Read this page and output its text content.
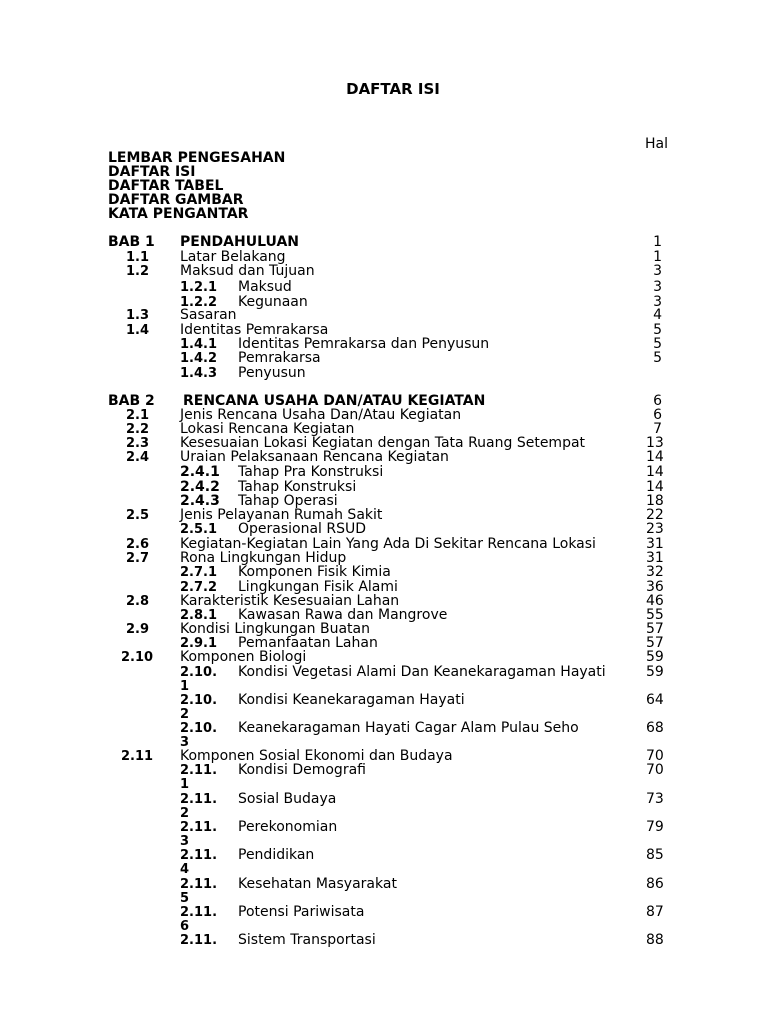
DAFTAR ISI
Hal
LEMBAR PENGESAHAN
DAFTAR ISI
DAFTAR TABEL
DAFTAR GAMBAR
KATA PENGANTAR
BAB 1 PENDAHULUAN	1
1.1 Latar Belakang	1
1.2 Maksud dan Tujuan	3
1.2.1 Maksud	3
1.2.2 Kegunaan	3
1.3 Sasaran	4
1.4 Identitas Pemrakarsa	5
1.4.1 Identitas Pemrakarsa dan Penyusun	5
1.4.2 Pemrakarsa	5
1.4.3 Penyusun
BAB 2 RENCANA USAHA DAN/ATAU KEGIATAN	6
2.1 Jenis Rencana Usaha Dan/Atau Kegiatan	6
2.2 Lokasi Rencana Kegiatan	7
2.3 Kesesuaian Lokasi Kegiatan dengan Tata Ruang Setempat	13
2.4 Uraian Pelaksanaan Rencana Kegiatan	14
2.4.1 Tahap Pra Konstruksi	14
2.4.2 Tahap Konstruksi	14
2.4.3 Tahap Operasi	18
2.5 Jenis Pelayanan Rumah Sakit	22
2.5.1 Operasional RSUD	23
2.6 Kegiatan-Kegiatan Lain Yang Ada Di Sekitar Rencana Lokasi	31
2.7 Rona Lingkungan Hidup	31
2.7.1 Komponen Fisik Kimia	32
2.7.2 Lingkungan Fisik Alami	36
2.8 Karakteristik Kesesuaian Lahan	46
2.8.1 Kawasan Rawa dan Mangrove	55
2.9 Kondisi Lingkungan Buatan	57
2.9.1 Pemanfaatan Lahan	57
2.10 Komponen Biologi	59
2.10. Kondisi Vegetasi Alami Dan Keanekaragaman Hayati	59
1
2.10. Kondisi Keanekaragaman Hayati	64
2
2.10. Keanekaragaman Hayati Cagar Alam Pulau Seho	68
3
2.11 Komponen Sosial Ekonomi dan Budaya	70
2.11. Kondisi Demografi	70
1
2.11. Sosial Budaya	73
2
2.11. Perekonomian	79
3
2.11. Pendidikan	85
4
2.11. Kesehatan Masyarakat	86
5
2.11. Potensi Pariwisata	87
6
2.11. Sistem Transportasi	88
